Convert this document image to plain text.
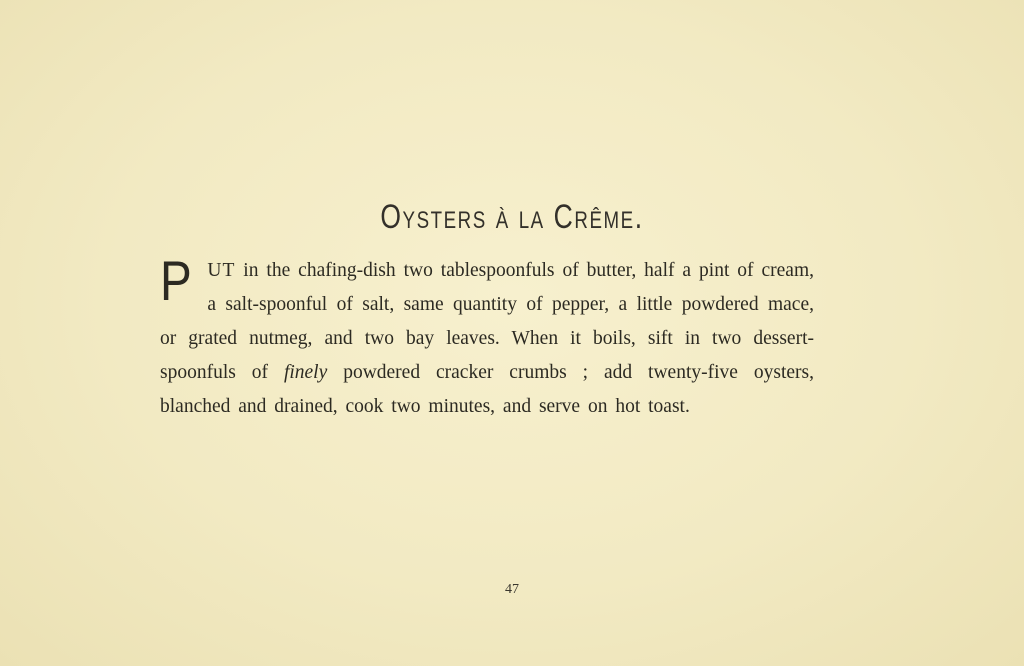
Oysters à la Crême.
PUT in the chafing-dish two tablespoonfuls of butter, half a pint of cream, a salt-spoonful of salt, same quantity of pepper, a little powdered mace, or grated nutmeg, and two bay leaves. When it boils, sift in two dessert-spoonfuls of finely powdered cracker crumbs ; add twenty-five oysters, blanched and drained, cook two minutes, and serve on hot toast.
47
